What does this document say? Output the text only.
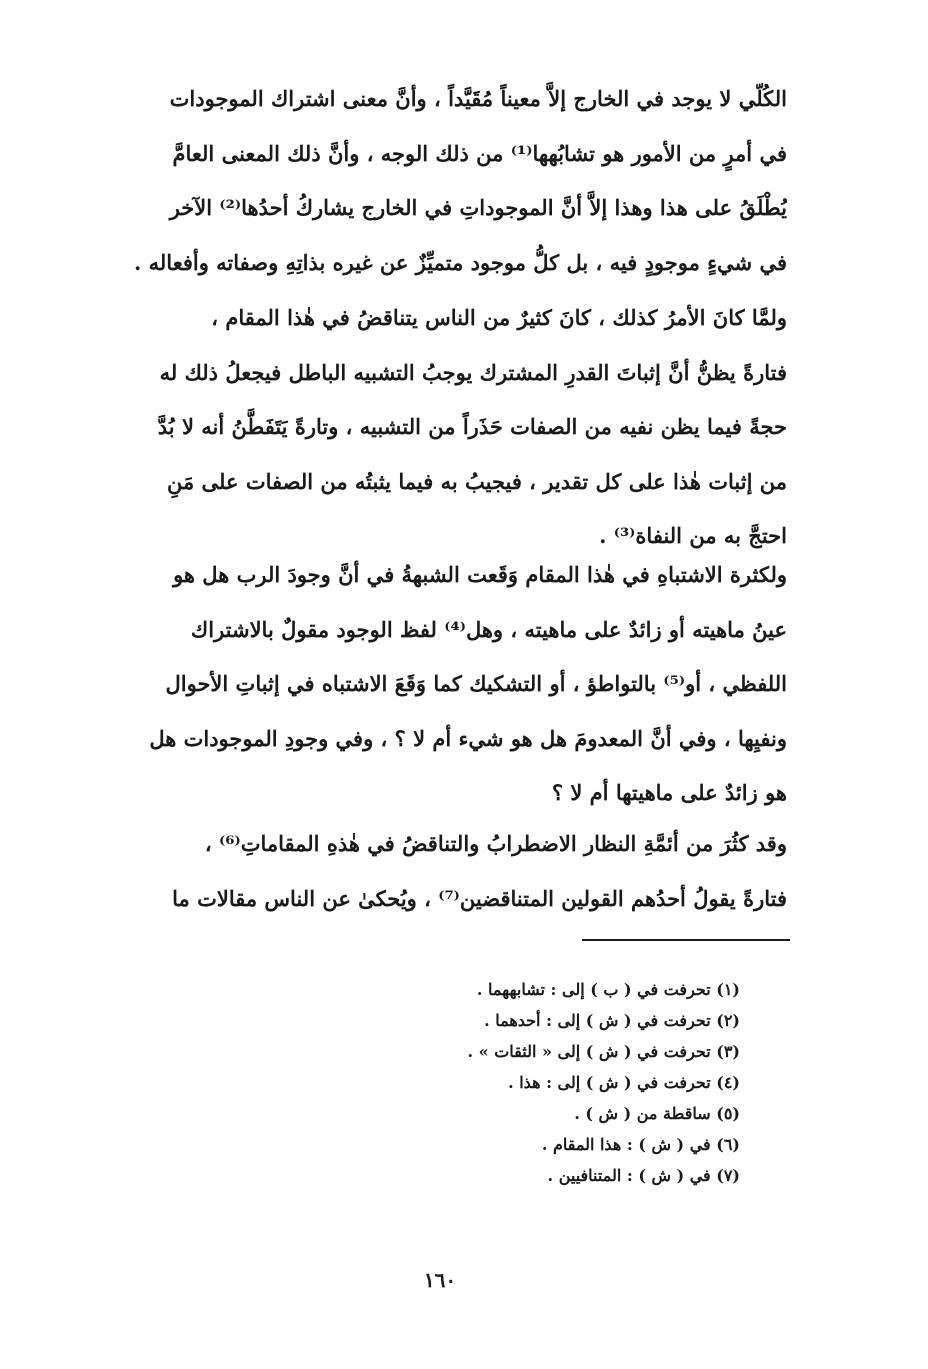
الكُلّي لا يوجد في الخارج إلاَّ معيناً مُقَيَّداً ، وأنَّ معنى اشتراك الموجودات
في أمرٍ من الأمور هو تشابُهها⁽¹⁾ من ذلك الوجه ، وأنَّ ذلك المعنى العامَّ
يُطْلَقُ على هذا وهذا إلاَّ أنَّ الموجوداتِ في الخارج يشاركُ أحدُها⁽²⁾ الآخر
في شيءٍ موجودٍ فيه ، بل كلُّ موجود متميِّزٌ عن غيره بذاتِهِ وصفاته وأفعاله .
ولمَّا كانَ الأمرُ كذلك ، كانَ كثيرٌ من الناس يتناقضُ في هٰذا المقام ،
فتارةً يظنُّ أنَّ إثباتَ القدرِ المشترك يوجبُ التشبيه الباطل فيجعلُ ذلك له
حجةً فيما يظن نفيه من الصفات حَذَراً من التشبيه ، وتارةً يَتَفَطَّنُ أنه لا بُدَّ
من إثبات هٰذا على كل تقدير ، فيجيبُ به فيما يثبتُه من الصفات على مَنِ
احتجَّ به من النفاة⁽³⁾ .
ولكثرة الاشتباهِ في هٰذا المقام وَقَعت الشبهةُ في أنَّ وجودَ الرب هل هو
عينُ ماهيته أو زائدٌ على ماهيته ، وهل⁽⁴⁾ لفظ الوجود مقولٌ بالاشتراك
اللفظي ، أو⁽⁵⁾ بالتواطؤ ، أو التشكيك كما وَقَعَ الاشتباه في إثباتِ الأحوال
ونفيِها ، وفي أنَّ المعدومَ هل هو شيء أم لا ؟ ، وفي وجودِ الموجودات هل
هو زائدٌ على ماهيتها أم لا ؟
وقد كثُرَ من أئمَّةِ النظار الاضطرابُ والتناقضُ في هٰذهِ المقاماتِ⁽⁶⁾ ،
فتارةً يقولُ أحدُهم القولين المتناقضين⁽⁷⁾ ، ويُحكىٰ عن الناس مقالات ما
(١) تحرفت في ( ب ) إلى : تشابههما .
(٢) تحرفت في ( ش ) إلى : أحدهما .
(٣) تحرفت في ( ش ) إلى « الثقات » .
(٤) تحرفت في ( ش ) إلى : هذا .
(٥) ساقطة من ( ش ) .
(٦) في ( ش ) : هذا المقام .
(٧) في ( ش ) : المتنافيين .
١٦٠
